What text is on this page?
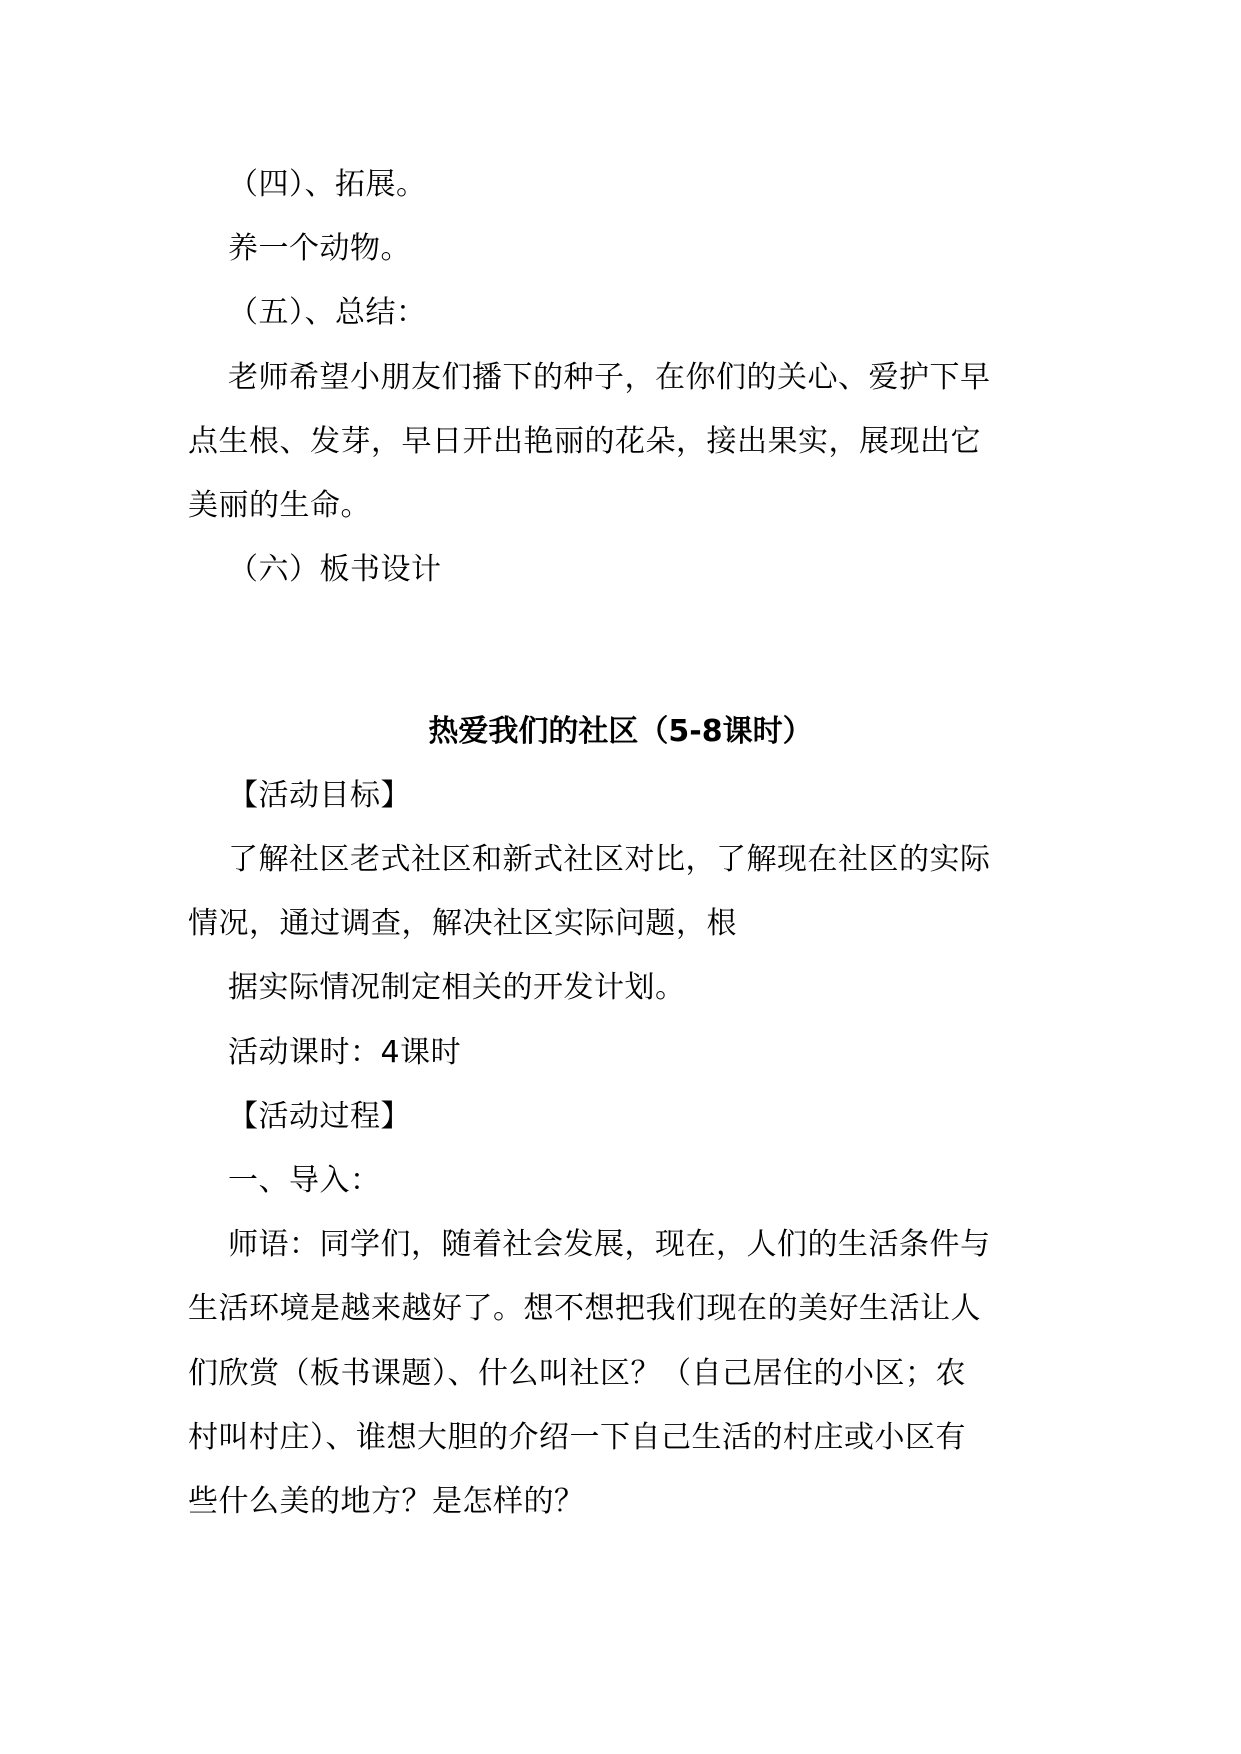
（四）、拓展。
养一个动物。
（五）、总结：
老师希望小朋友们播下的种子，在你们的关心、爱护下早
点生根、发芽，早日开出艳丽的花朵，接出果实，展现出它
美丽的生命。
（六）板书设计
热爱我们的社区（5-8课时）
【活动目标】
了解社区老式社区和新式社区对比，了解现在社区的实际
情况，通过调查，解决社区实际问题，根
据实际情况制定相关的开发计划。
活动课时：4课时
【活动过程】
一、导入：
师语：同学们，随着社会发展，现在，人们的生活条件与
生活环境是越来越好了。想不想把我们现在的美好生活让人
们欣赏（板书课题）、什么叫社区？（自己居住的小区；农
村叫村庄）、谁想大胆的介绍一下自己生活的村庄或小区有
些什么美的地方？是怎样的？
